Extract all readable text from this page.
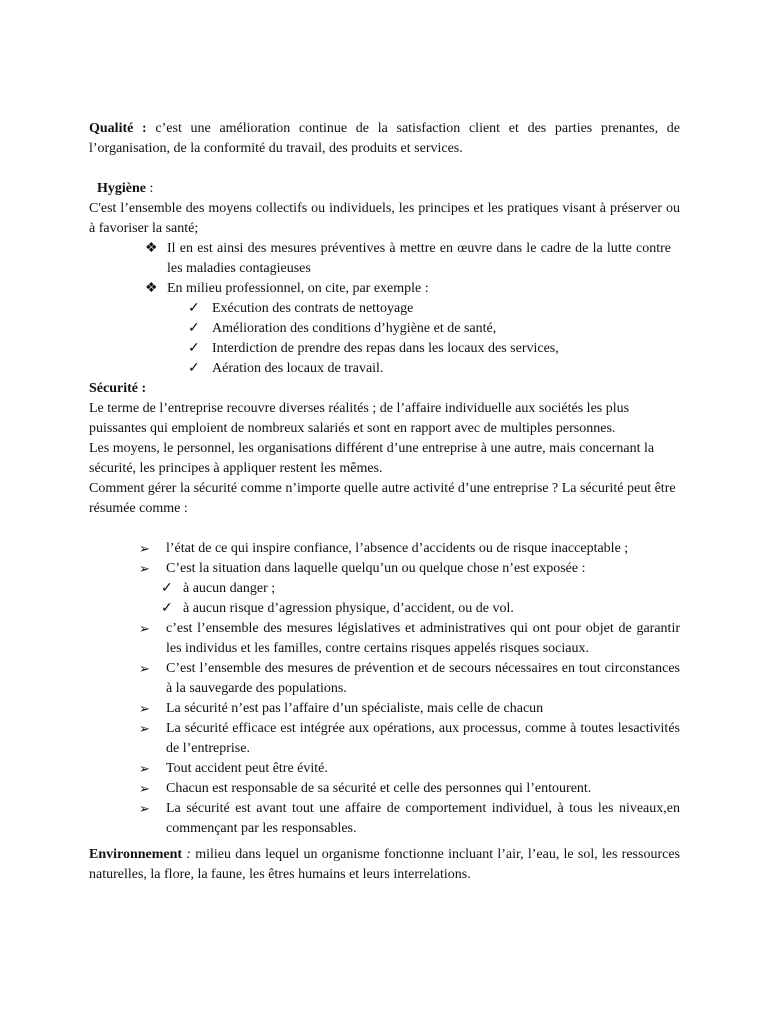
Qualité : c’est une amélioration continue de la satisfaction client et des parties prenantes, de l’organisation, de la conformité du travail, des produits et services.

Hygiène :

C'est l’ensemble des moyens collectifs ou individuels, les principes et les pratiques visant à préserver ou à favoriser la santé;

❖ Il en est ainsi des mesures préventives à mettre en œuvre dans le cadre de la lutte contre les maladies contagieuses

❖ En milieu professionnel, on cite, par exemple :

✓ Exécution des contrats de nettoyage
✓ Amélioration des conditions d’hygiène et de santé,
✓ Interdiction de prendre des repas dans les locaux des services,
✓ Aération des locaux de travail.

Sécurité :

Le terme de l’entreprise recouvre diverses réalités ; de l’affaire individuelle aux sociétés les plus puissantes qui emploient de nombreux salariés et sont en rapport avec de multiples personnes.

Les moyens, le personnel, les organisations différent d’une entreprise à une autre, mais concernant la sécurité, les principes à appliquer restent les mêmes.

Comment gérer la sécurité comme n’importe quelle autre activité d’une entreprise ? La sécurité peut être résumée comme :

➢ l’état de ce qui inspire confiance, l’absence d’accidents ou de risque inacceptable ;

➢ C’est la situation dans laquelle quelqu’un ou quelque chose n’est exposée :

✓ à aucun danger ;
✓ à aucun risque d’agression physique, d’accident, ou de vol.
➢ c’est l’ensemble des mesures législatives et administratives qui ont pour objet de garantir les individus et les familles, contre certains risques appelés risques sociaux.

➢ C’est l’ensemble des mesures de prévention et de secours nécessaires en tout circonstances à la sauvegarde des populations.

➢ La sécurité n’est pas l’affaire d’un spécialiste, mais celle de chacun

➢ La sécurité efficace est intégrée aux opérations, aux processus, comme à toutes lesactivités de l’entreprise.

➢ Tout accident peut être évité.

➢ Chacun est responsable de sa sécurité et celle des personnes qui l’entourent.

➢ La sécurité est avant tout une affaire de comportement individuel, à tous les niveaux,en commençant par les responsables.

Environnement : milieu dans lequel un organisme fonctionne incluant l’air, l’eau, le sol, les ressources naturelles, la flore, la faune, les êtres humains et leurs interrelations.
